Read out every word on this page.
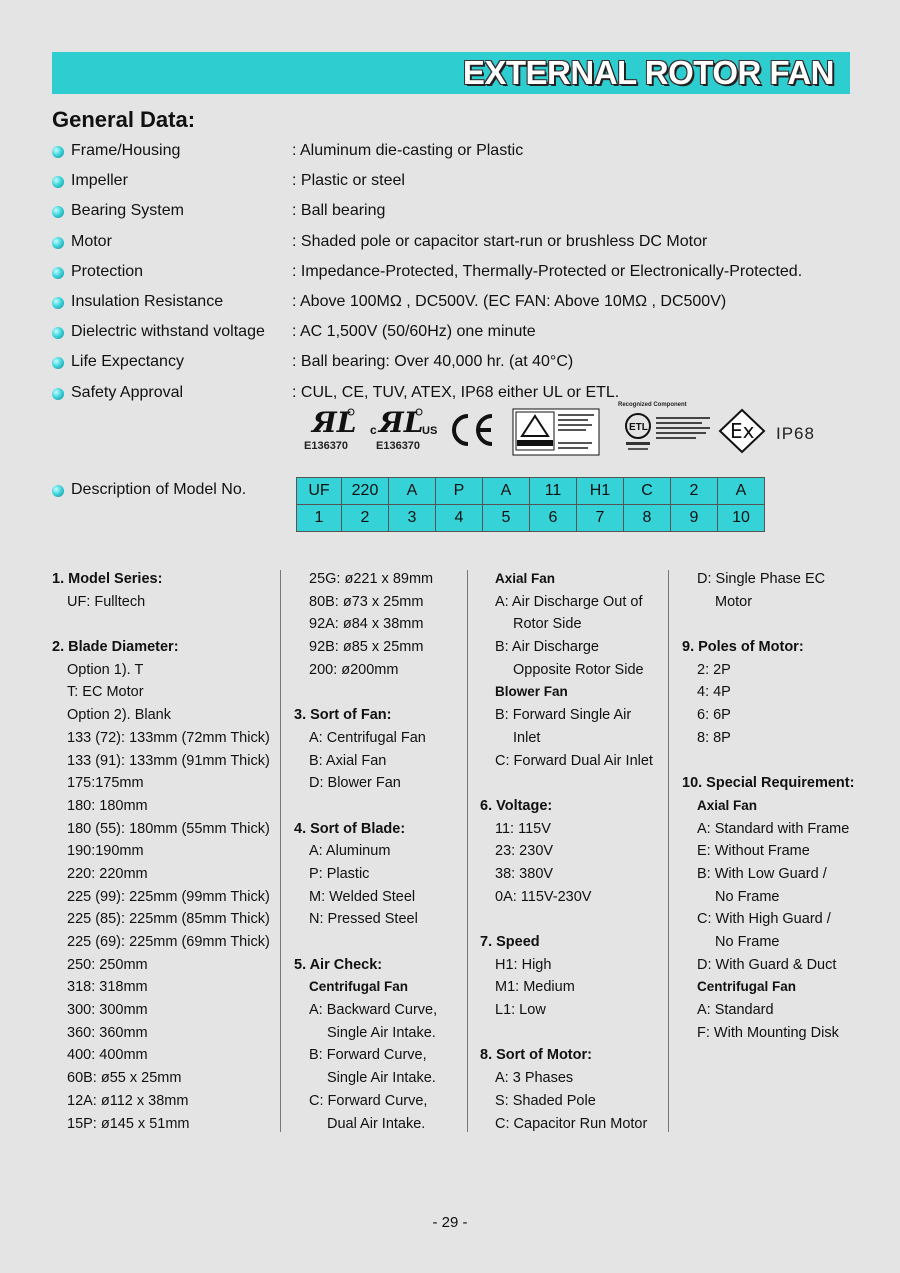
EXTERNAL ROTOR FAN
General Data:
Frame/Housing	: Aluminum die-casting or Plastic
Impeller	: Plastic or steel
Bearing System	: Ball bearing
Motor	: Shaded pole or capacitor start-run or brushless DC Motor
Protection	: Impedance-Protected, Thermally-Protected or Electronically-Protected.
Insulation Resistance	: Above 100MΩ , DC500V. (EC FAN: Above 10MΩ , DC500V)
Dielectric withstand voltage : AC 1,500V (50/60Hz) one minute
Life Expectancy	: Ball bearing: Over 40,000 hr. (at 40°C)
Safety Approval	: CUL, CE, TUV, ATEX, IP68 either UL or ETL.
ЯL
E136370
c ЯL
US
E136370
Recognized Component
ETL	Ex IP68
Description of Model No.	UF	220	A	P	A	11	H1	C	2	A
1	2	3	4	5	6	7	8	9	10
1. Model Series:
UF: Fulltech
2. Blade Diameter:
Option 1). T
T: EC Motor
Option 2). Blank
133 (72): 133mm (72mm Thick)
133 (91): 133mm (91mm Thick)
175:175mm
180: 180mm
180 (55): 180mm (55mm Thick)
190:190mm
220: 220mm
225 (99): 225mm (99mm Thick)
225 (85): 225mm (85mm Thick)
225 (69): 225mm (69mm Thick)
250: 250mm
318: 318mm
300: 300mm
360: 360mm
400: 400mm
60B: ø55 x 25mm
12A: ø112 x 38mm
15P: ø145 x 51mm
25G: ø221 x 89mm
80B: ø73 x 25mm
92A: ø84 x 38mm
92B: ø85 x 25mm
200: ø200mm
3. Sort of Fan:
A: Centrifugal Fan
B: Axial Fan
D: Blower Fan
4. Sort of Blade:
A: Aluminum
P: Plastic
M: Welded Steel
N: Pressed Steel
5. Air Check:
Centrifugal Fan
A: Backward Curve,
Single Air Intake.
B: Forward Curve,
Single Air Intake.
C: Forward Curve,
Dual Air Intake.
Axial Fan
A: Air Discharge Out of
Rotor Side
B: Air Discharge
Opposite Rotor Side
Blower Fan
B: Forward Single Air
Inlet
C: Forward Dual Air Inlet
6. Voltage:
11: 115V
23: 230V
38: 380V
0A: 115V-230V
7. Speed
H1: High
M1: Medium
L1: Low
8. Sort of Motor:
A: 3 Phases
S: Shaded Pole
C: Capacitor Run Motor
D: Single Phase EC
Motor
9. Poles of Motor:
2: 2P
4: 4P
6: 6P
8: 8P
10. Special Requirement:
Axial Fan
A: Standard with Frame
E: Without Frame
B: With Low Guard /
No Frame
C: With High Guard /
No Frame
D: With Guard & Duct
Centrifugal Fan
A: Standard
F: With Mounting Disk
- 29 -
